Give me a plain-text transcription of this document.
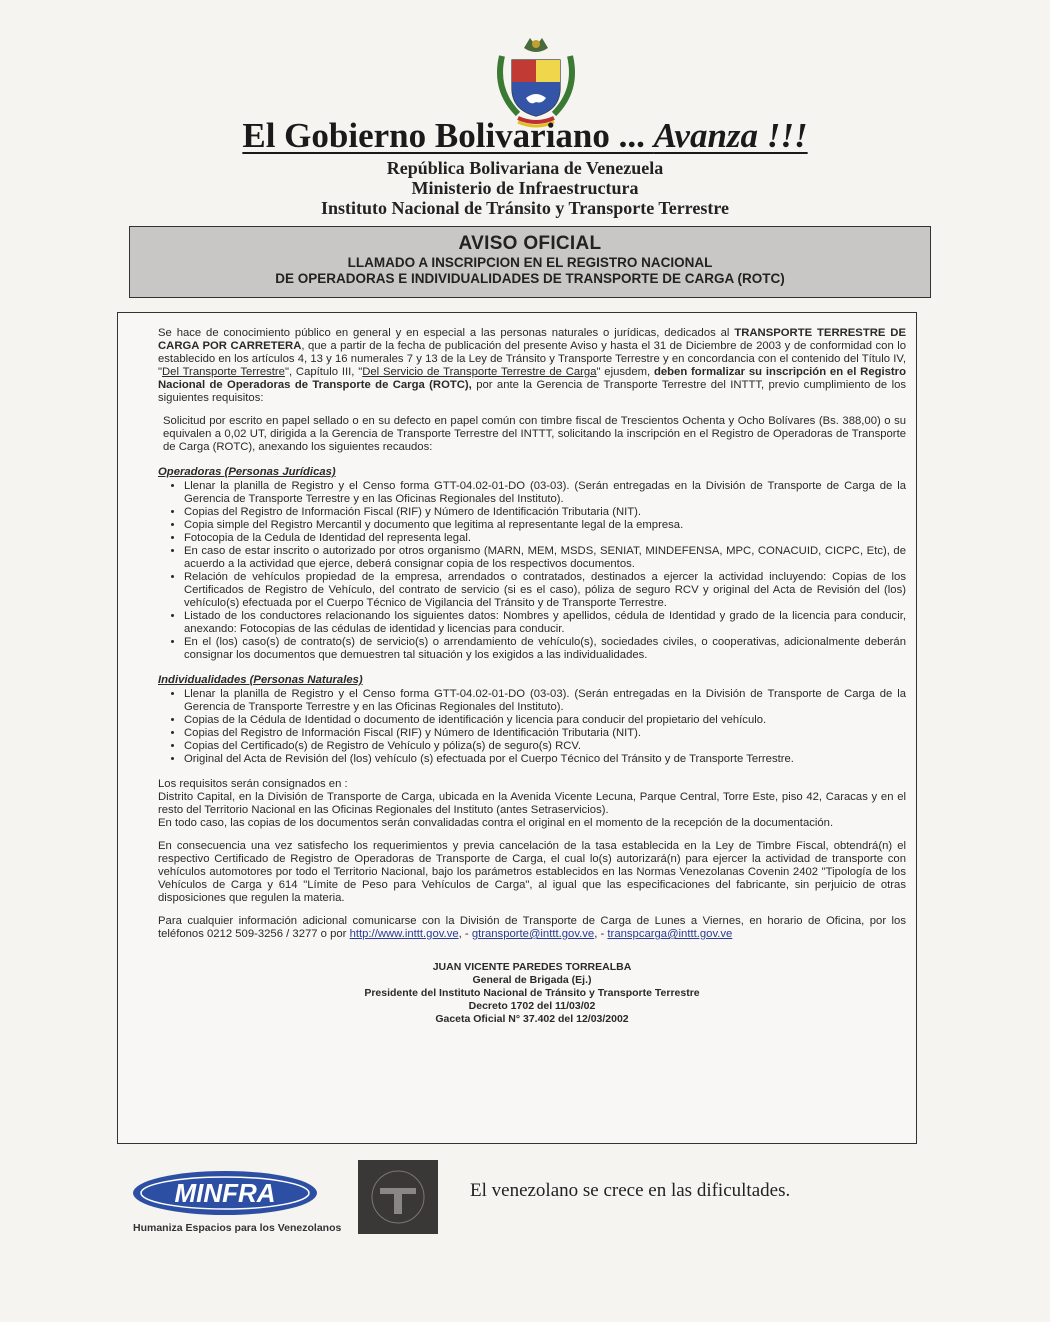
El Gobierno Bolivariano ... Avanza !!!
República Bolivariana de Venezuela
Ministerio de Infraestructura
Instituto Nacional de Tránsito y Transporte Terrestre
AVISO OFICIAL
LLAMADO A INSCRIPCION EN EL REGISTRO NACIONAL
DE OPERADORAS E INDIVIDUALIDADES DE TRANSPORTE DE CARGA (ROTC)

Se hace de conocimiento público en general y en especial a las personas naturales o jurídicas, dedicados al TRANSPORTE TERRESTRE DE CARGA POR CARRETERA, que a partir de la fecha de publicación del presente Aviso y hasta el 31 de Diciembre de 2003 y de conformidad con lo establecido en los artículos 4, 13 y 16 numerales 7 y 13 de la Ley de Tránsito y Transporte Terrestre y en concordancia con el contenido del Título IV, "Del Transporte Terrestre", Capítulo III, "Del Servicio de Transporte Terrestre de Carga" ejusdem, deben formalizar su inscripción en el Registro Nacional de Operadoras de Transporte de Carga (ROTC), por ante la Gerencia de Transporte Terrestre del INTTT, previo cumplimiento de los siguientes requisitos:

Solicitud por escrito en papel sellado o en su defecto en papel común con timbre fiscal de Trescientos Ochenta y Ocho Bolívares (Bs. 388,00) o su equivalen a 0,02 UT, dirigida a la Gerencia de Transporte Terrestre del INTTT, solicitando la inscripción en el Registro de Operadoras de Transporte de Carga (ROTC), anexando los siguientes recaudos:

Operadoras (Personas Jurídicas)
• Llenar la planilla de Registro y el Censo forma GTT-04.02-01-DO (03-03). (Serán entregadas en la División de Transporte de Carga de la Gerencia de Transporte Terrestre y en las Oficinas Regionales del Instituto).
• Copias del Registro de Información Fiscal (RIF) y Número de Identificación Tributaria (NIT).
• Copia simple del Registro Mercantil y documento que legitima al representante legal de la empresa.
• Fotocopia de la Cedula de Identidad del representa legal.
• En caso de estar inscrito o autorizado por otros organismo (MARN, MEM, MSDS, SENIAT, MINDEFENSA, MPC, CONACUID, CICPC, Etc), de acuerdo a la actividad que ejerce, deberá consignar copia de los respectivos documentos.
• Relación de vehículos propiedad de la empresa, arrendados o contratados, destinados a ejercer la actividad incluyendo: Copias de los Certificados de Registro de Vehículo, del contrato de servicio (si es el caso), póliza de seguro RCV y original del Acta de Revisión del (los) vehículo(s) efectuada por el Cuerpo Técnico de Vigilancia del Tránsito y de Transporte Terrestre.
• Listado de los conductores relacionando los siguientes datos: Nombres y apellidos, cédula de Identidad y grado de la licencia para conducir, anexando: Fotocopias de las cédulas de identidad y licencias para conducir.
• En el (los) caso(s) de contrato(s) de servicio(s) o arrendamiento de vehículo(s), sociedades civiles, o cooperativas, adicionalmente deberán consignar los documentos que demuestren tal situación y los exigidos a las individualidades.
Individualidades (Personas Naturales)
• Llenar la planilla de Registro y el Censo forma GTT-04.02-01-DO (03-03). (Serán entregadas en la División de Transporte de Carga de la Gerencia de Transporte Terrestre y en las Oficinas Regionales del Instituto).
• Copias de la Cédula de Identidad o documento de identificación y licencia para conducir del propietario del vehículo.
• Copias del Registro de Información Fiscal (RIF) y Número de Identificación Tributaria (NIT).
• Copias del Certificado(s) de Registro de Vehículo y póliza(s) de seguro(s) RCV.
• Original del Acta de Revisión del (los) vehículo (s) efectuada por el Cuerpo Técnico del Tránsito y de Transporte Terrestre.

Los requisitos serán consignados en :
Distrito Capital, en la División de Transporte de Carga, ubicada en la Avenida Vicente Lecuna, Parque Central, Torre Este, piso 42, Caracas y en el resto del Territorio Nacional en las Oficinas Regionales del Instituto (antes Setraservicios).
En todo caso, las copias de los documentos serán convalidadas contra el original en el momento de la recepción de la documentación.

En consecuencia una vez satisfecho los requerimientos y previa cancelación de la tasa establecida en la Ley de Timbre Fiscal, obtendrá(n) el respectivo Certificado de Registro de Operadoras de Transporte de Carga, el cual lo(s) autorizará(n) para ejercer la actividad de transporte con vehículos automotores por todo el Territorio Nacional, bajo los parámetros establecidos en las Normas Venezolanas Covenin 2402 "Tipología de los Vehículos de Carga y 614 "Límite de Peso para Vehículos de Carga", al igual que las especificaciones del fabricante, sin perjuicio de otras disposiciones que regulen la materia.

Para cualquier información adicional comunicarse con la División de Transporte de Carga de Lunes a Viernes, en horario de Oficina, por los teléfonos 0212 509-3256 / 3277 o por http://www.inttt.gov.ve, - gtransporte@inttt.gov.ve, - transpcarga@inttt.gov.ve

JUAN VICENTE PAREDES TORREALBA
General de Brigada (Ej.)
Presidente del Instituto Nacional de Tránsito y Transporte Terrestre
Decreto 1702 del 11/03/02
Gaceta Oficial N° 37.402 del 12/03/2002
MINFRA
Humaniza Espacios para los Venezolanos
El venezolano se crece en las dificultades.
